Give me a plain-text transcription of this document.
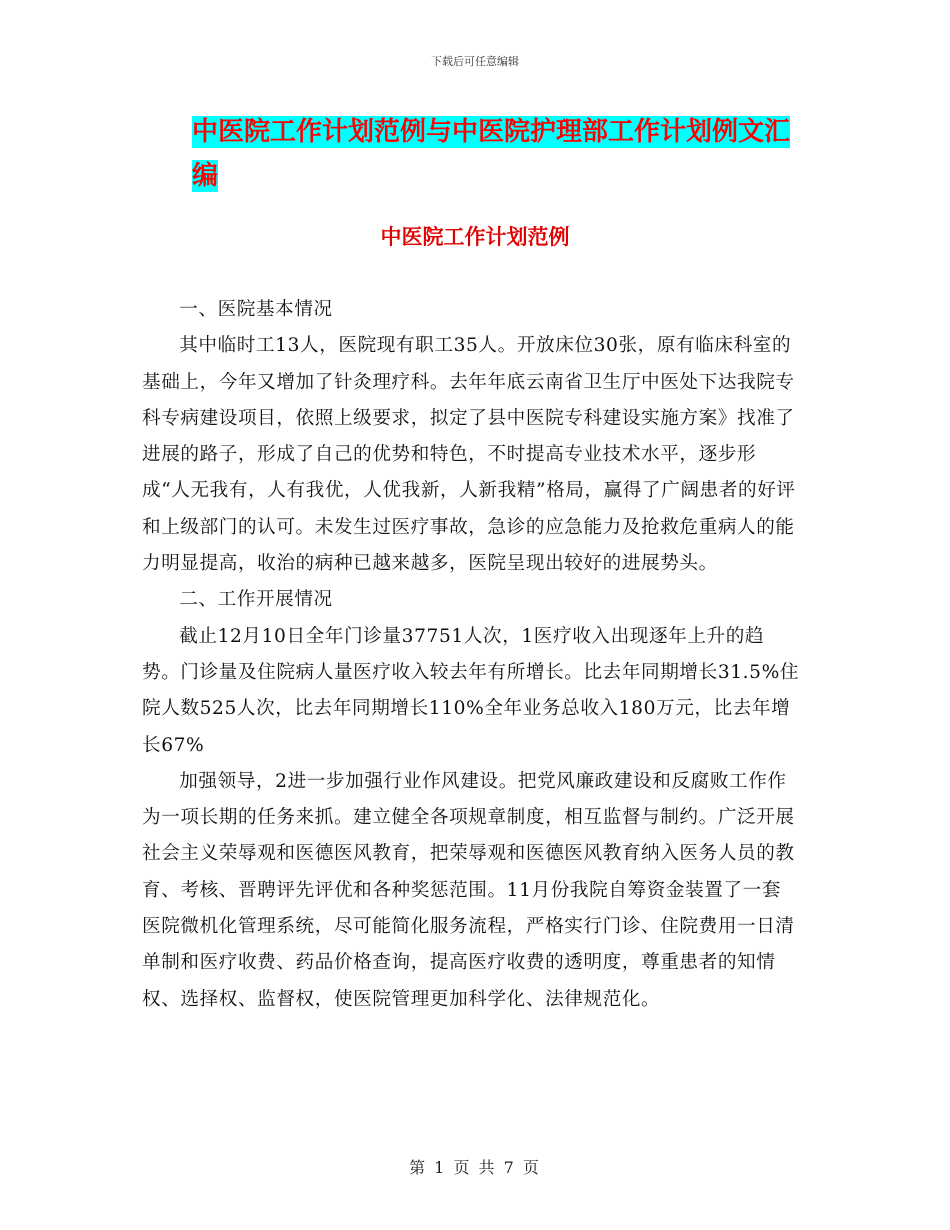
下载后可任意编辑
中医院工作计划范例与中医院护理部工作计划例文汇编
中医院工作计划范例

一、医院基本情况

其中临时工13人，医院现有职工35人。开放床位30张，原有临床科室的基础上，今年又增加了针灸理疗科。去年年底云南省卫生厅中医处下达我院专科专病建设项目，依照上级要求，拟定了县中医院专科建设实施方案》找准了进展的路子，形成了自己的优势和特色，不时提高专业技术水平，逐步形成“人无我有，人有我优，人优我新，人新我精”格局，赢得了广阔患者的好评和上级部门的认可。未发生过医疗事故，急诊的应急能力及抢救危重病人的能力明显提高，收治的病种已越来越多，医院呈现出较好的进展势头。

二、工作开展情况

截止12月10日全年门诊量37751人次，1医疗收入出现逐年上升的趋势。门诊量及住院病人量医疗收入较去年有所增长。比去年同期增长31.5%住院人数525人次，比去年同期增长110%全年业务总收入180万元，比去年增长67%

加强领导，2进一步加强行业作风建设。把党风廉政建设和反腐败工作作为一项长期的任务来抓。建立健全各项规章制度，相互监督与制约。广泛开展社会主义荣辱观和医德医风教育，把荣辱观和医德医风教育纳入医务人员的教育、考核、晋聘评先评优和各种奖惩范围。11月份我院自筹资金装置了一套医院微机化管理系统，尽可能简化服务流程，严格实行门诊、住院费用一日清单制和医疗收费、药品价格查询，提高医疗收费的透明度，尊重患者的知情权、选择权、监督权，使医院管理更加科学化、法律规范化。

第 1 页 共 7 页
